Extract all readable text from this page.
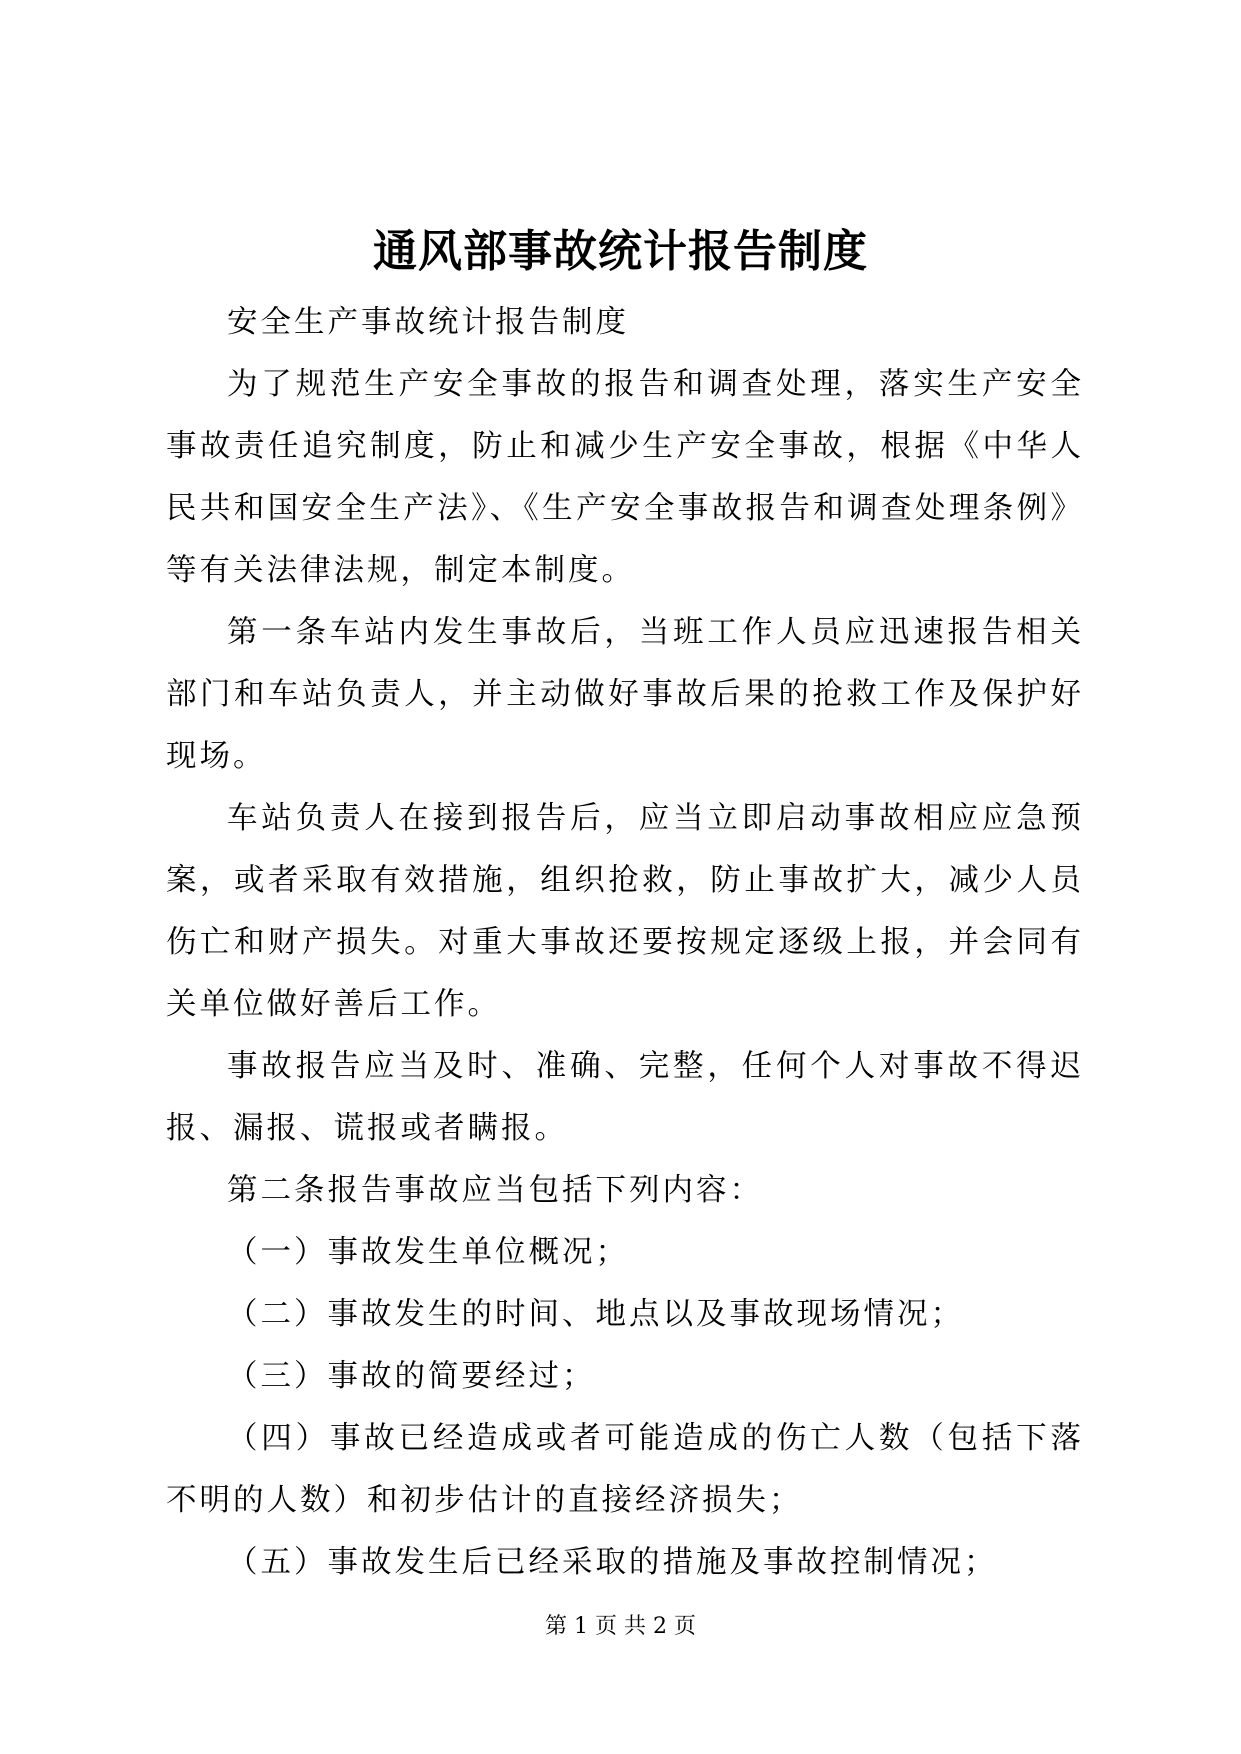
通风部事故统计报告制度

安全生产事故统计报告制度

为了规范生产安全事故的报告和调查处理，落实生产安全事故责任追究制度，防止和减少生产安全事故，根据《中华人民共和国安全生产法》、《生产安全事故报告和调查处理条例》等有关法律法规，制定本制度。

第一条车站内发生事故后，当班工作人员应迅速报告相关部门和车站负责人，并主动做好事故后果的抢救工作及保护好现场。

车站负责人在接到报告后，应当立即启动事故相应应急预案，或者采取有效措施，组织抢救，防止事故扩大，减少人员伤亡和财产损失。对重大事故还要按规定逐级上报，并会同有关单位做好善后工作。

事故报告应当及时、准确、完整，任何个人对事故不得迟报、漏报、谎报或者瞒报。

第二条报告事故应当包括下列内容：

（一）事故发生单位概况；

（二）事故发生的时间、地点以及事故现场情况；

（三）事故的简要经过；

（四）事故已经造成或者可能造成的伤亡人数（包括下落不明的人数）和初步估计的直接经济损失；

（五）事故发生后已经采取的措施及事故控制情况；

第 1 页 共 2 页
